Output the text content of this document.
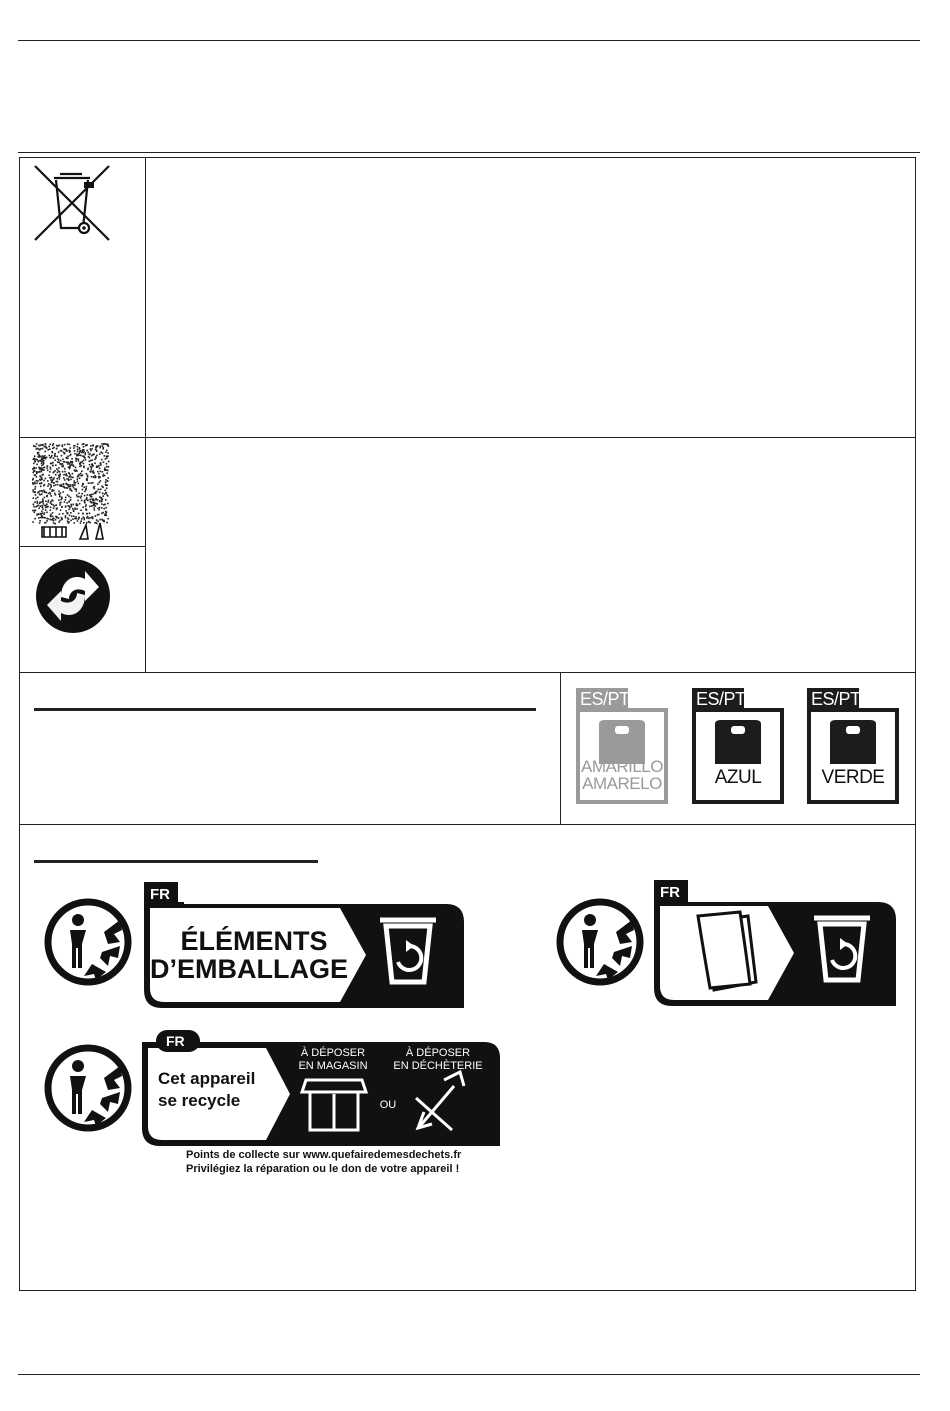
ES/PT
AMARILLO
AMARELO
ES/PT
AZUL
ES/PT
VERDE
FR
ÉLÉMENTS
D’EMBALLAGE
FR
FR
Cet appareil
se recycle
À DÉPOSER
EN MAGASIN
À DÉPOSER
EN DÉCHÈTERIE
OU
Points de collecte sur www.quefairedemesdechets.fr
Privilégiez la réparation ou le don de votre appareil !
